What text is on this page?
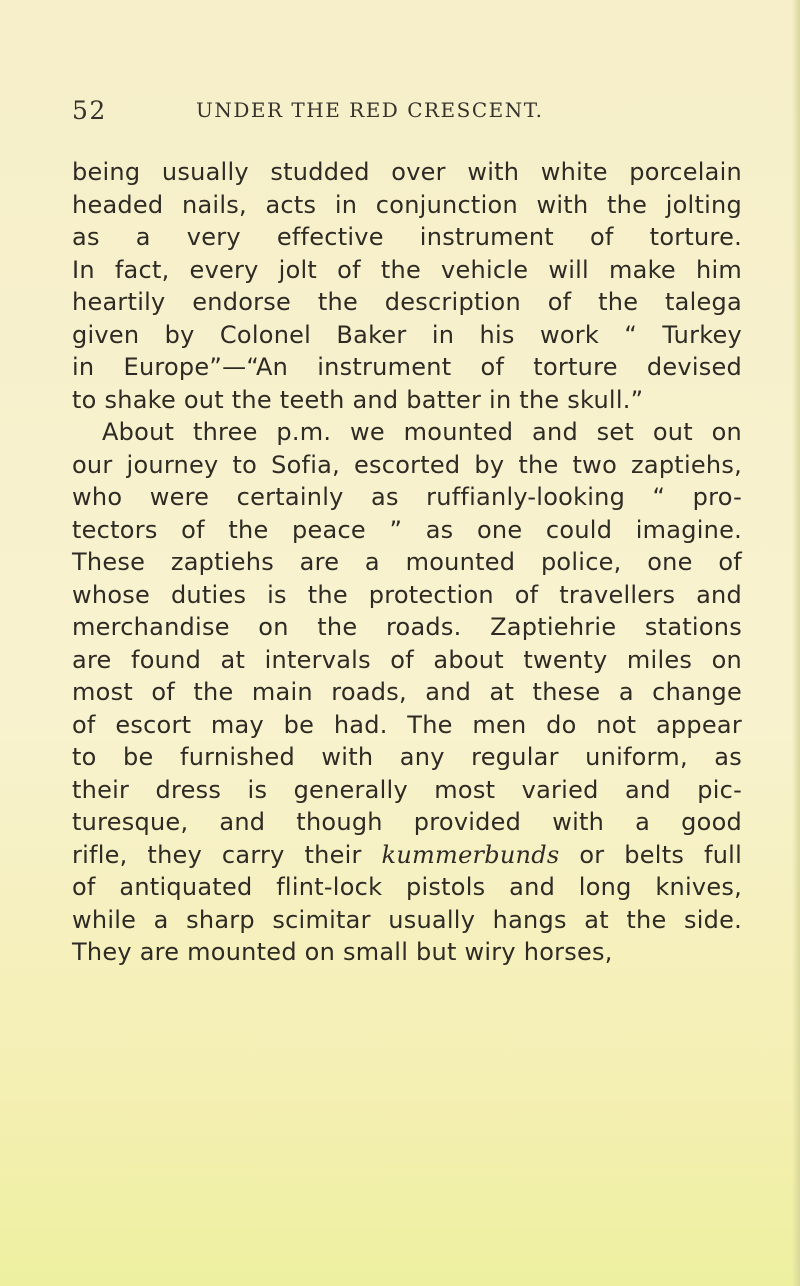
52	UNDER THE RED CRESCENT.
being usually studded over with white porcelain
headed nails, acts in conjunction with the jolting
as a very effective instrument of torture.
In fact, every jolt of the vehicle will make him
heartily endorse the description of the talega
given by Colonel Baker in his work “ Turkey
in Europe”—“An instrument of torture devised
to shake out the teeth and batter in the skull.”
About three p.m. we mounted and set out on
our journey to Sofia, escorted by the two zaptiehs,
who were certainly as ruffianly-looking “ pro-
tectors of the peace ” as one could imagine.
These zaptiehs are a mounted police, one of
whose duties is the protection of travellers and
merchandise on the roads. Zaptiehrie stations
are found at intervals of about twenty miles on
most of the main roads, and at these a change
of escort may be had. The men do not appear
to be furnished with any regular uniform, as
their dress is generally most varied and pic-
turesque, and though provided with a good
rifle, they carry their kummerbunds or belts full
of antiquated flint-lock pistols and long knives,
while a sharp scimitar usually hangs at the side.
They are mounted on small but wiry horses,
